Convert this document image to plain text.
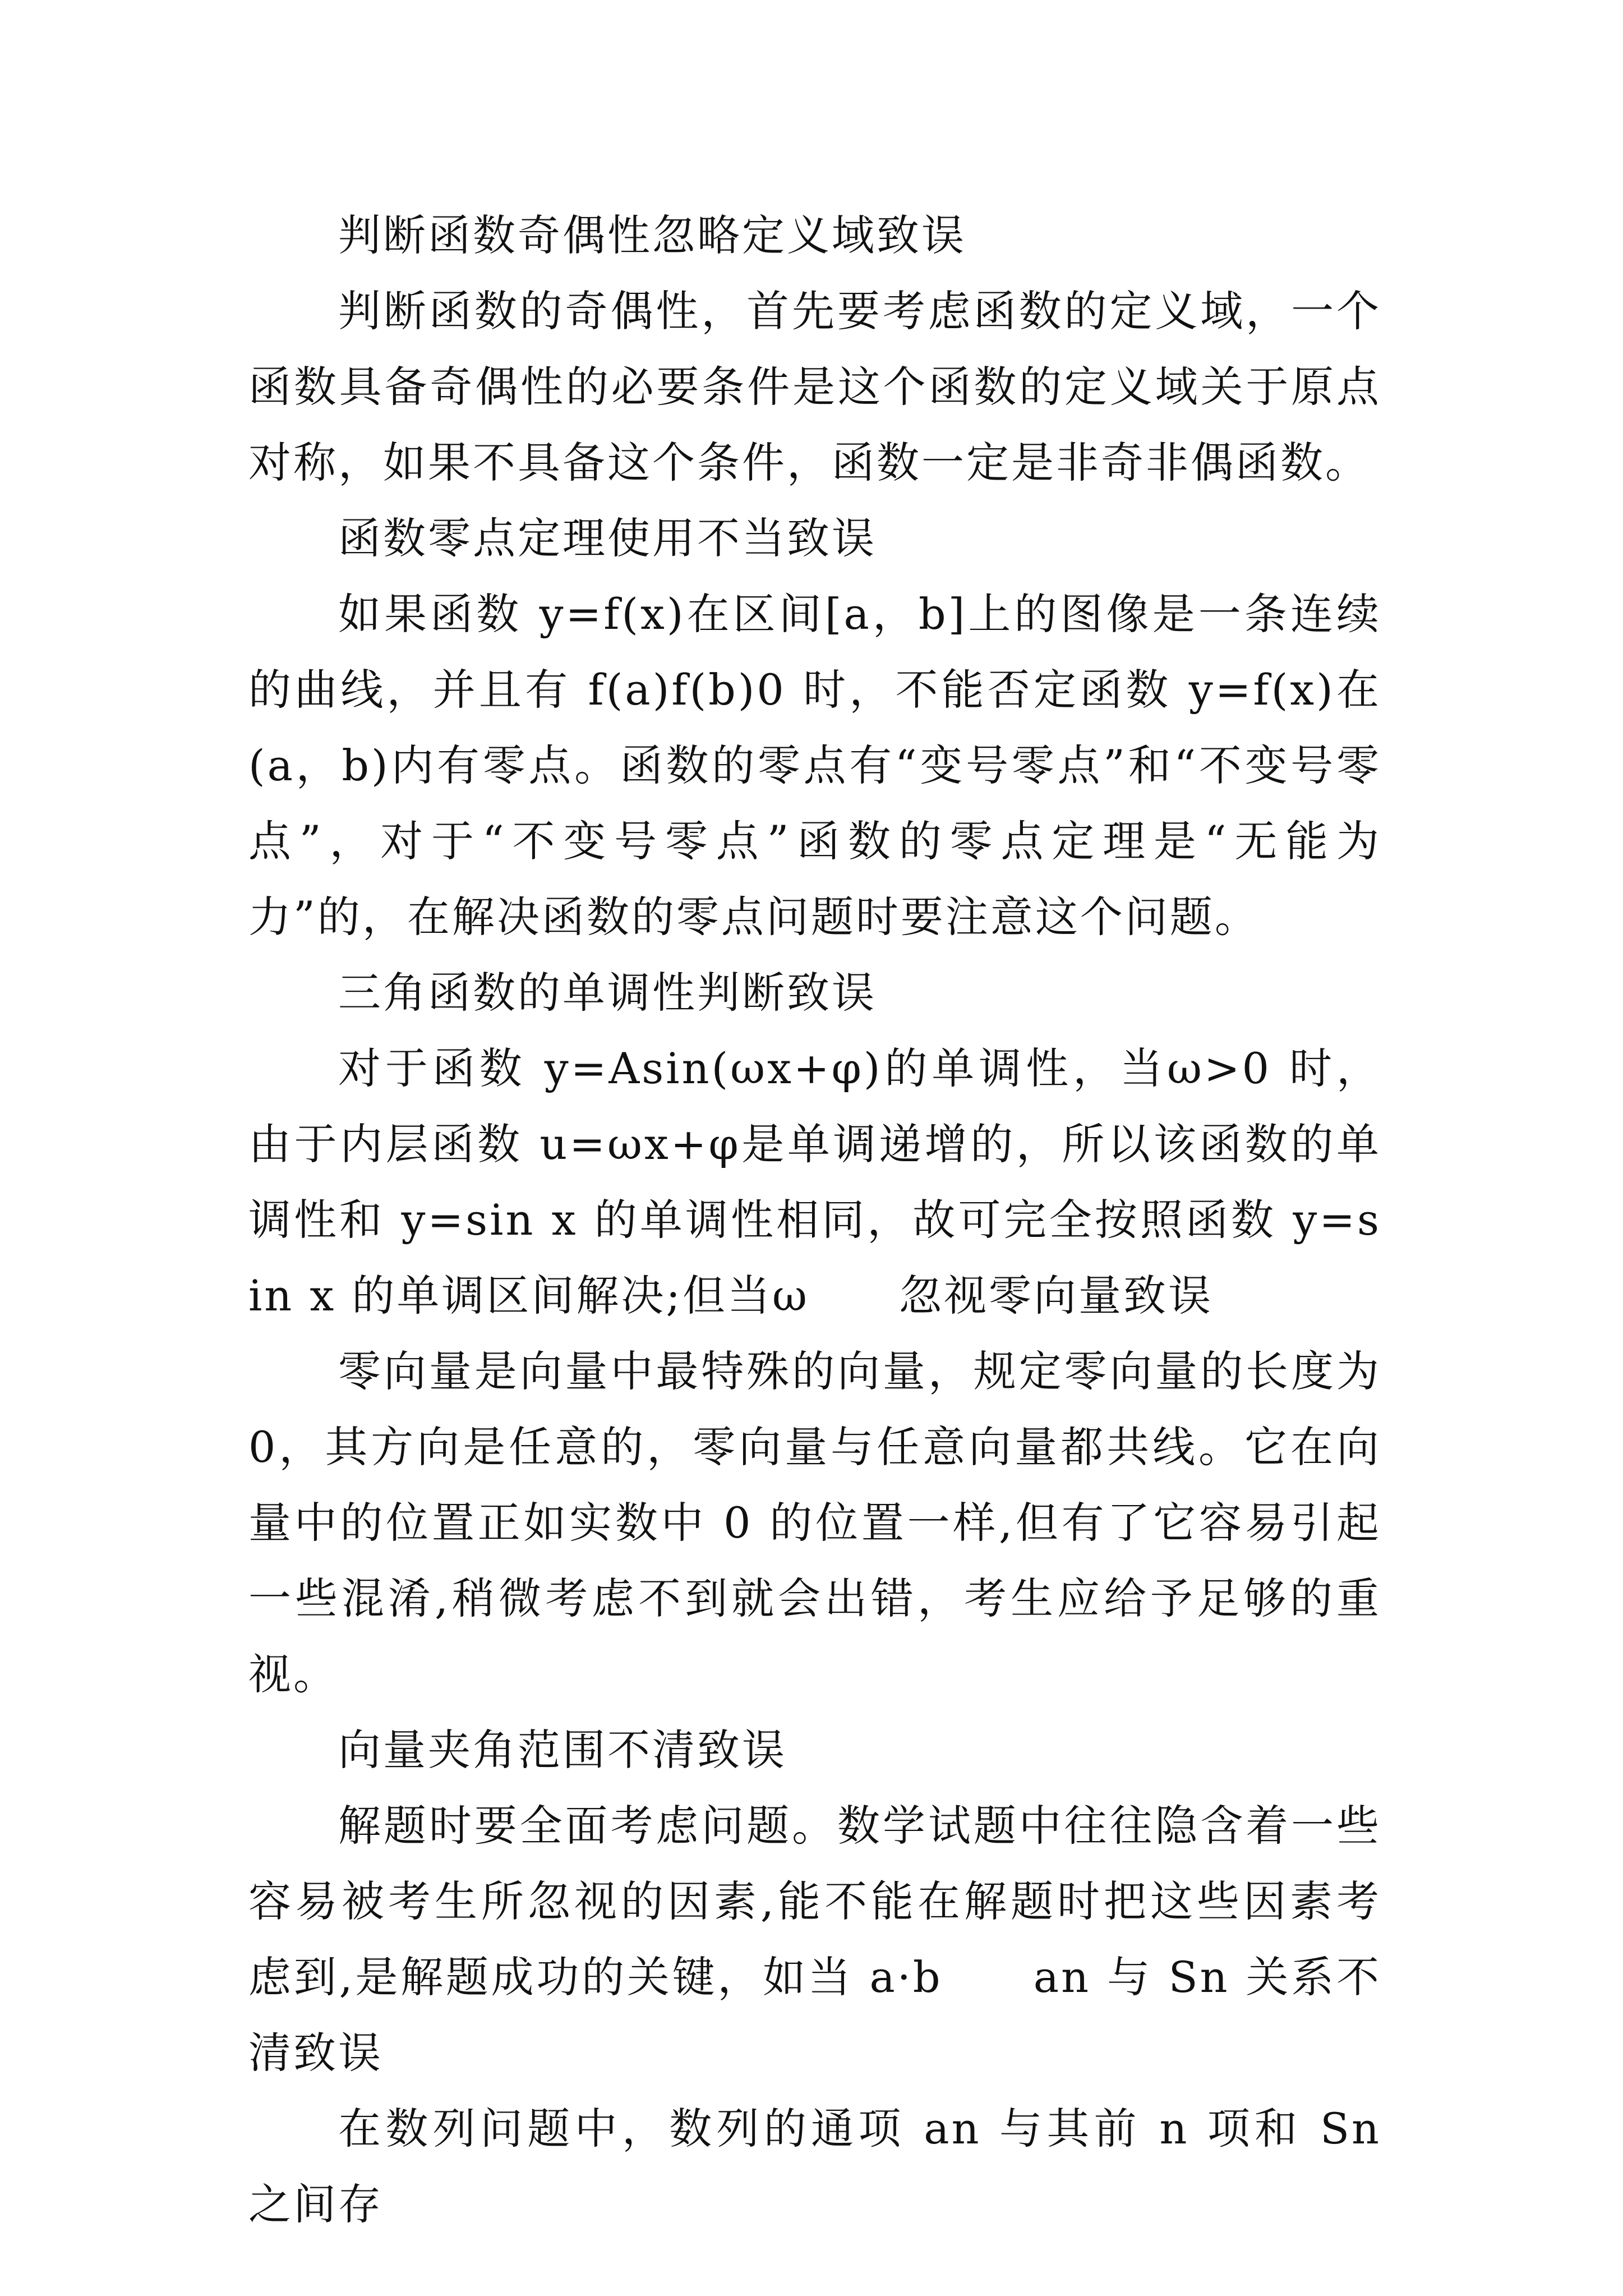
判断函数奇偶性忽略定义域致误

判断函数的奇偶性，首先要考虑函数的定义域，一个函数具备奇偶性的必要条件是这个函数的定义域关于原点对称，如果不具备这个条件，函数一定是非奇非偶函数。

函数零点定理使用不当致误

如果函数 y=f(x)在区间[a，b]上的图像是一条连续的曲线，并且有 f(a)f(b)0 时，不能否定函数 y=f(x)在(a，b)内有零点。函数的零点有“变号零点”和“不变号零点”，对于“不变号零点”函数的零点定理是“无能为力”的，在解决函数的零点问题时要注意这个问题。

三角函数的单调性判断致误

对于函数 y=Asin(ωx+φ)的单调性，当ω>0 时，由于内层函数 u=ωx+φ是单调递增的，所以该函数的单调性和 y=sin x 的单调性相同，故可完全按照函数 y=sin x 的单调区间解决;但当ω　　忽视零向量致误

零向量是向量中最特殊的向量，规定零向量的长度为 0，其方向是任意的，零向量与任意向量都共线。它在向量中的位置正如实数中 0 的位置一样,但有了它容易引起一些混淆,稍微考虑不到就会出错，考生应给予足够的重视。

向量夹角范围不清致误

解题时要全面考虑问题。数学试题中往往隐含着一些容易被考生所忽视的因素,能不能在解题时把这些因素考虑到,是解题成功的关键，如当 a·b　　an 与 Sn 关系不清致误

在数列问题中，数列的通项 an 与其前 n 项和 Sn 之间存
